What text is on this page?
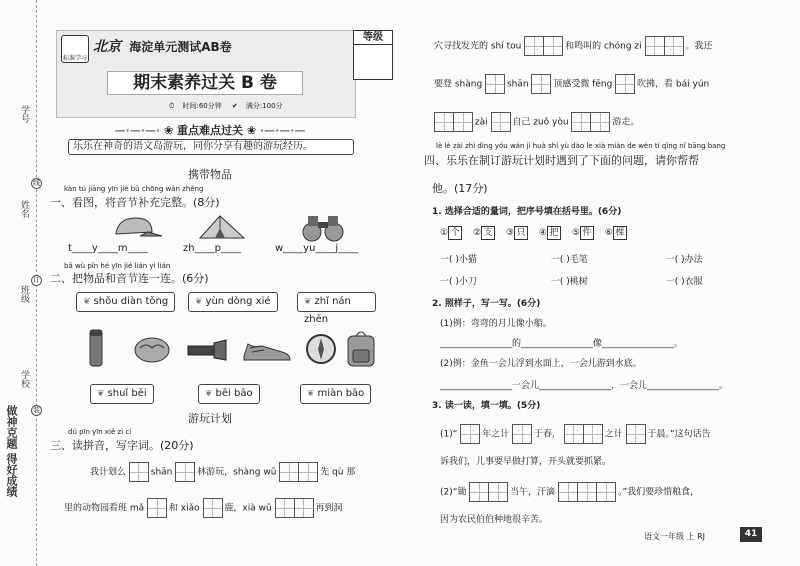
学号
姓名
班级
学校
线
订
装
做神克题 得好成绩
标准学习
北京 海淀单元测试AB卷
期末素养过关 B 卷
⏱ 时间:60分钟 ✔ 满分:100分
等级
—·—·—· ❀ 重点难点过关 ❀ ·—·—·—
乐乐在神奇的语文岛游玩，同你分享有趣的游玩经历。
携带物品
kàn tú jiāng yīn jié bǔ chōng wán zhěng
一、看图，将音节补充完整。(8分)
t____y____m____	zh____p____	w____yu____j____
bǎ wù pǐn hé yīn jié lián yi lián
二、把物品和音节连一连。(6分)
❦ shǒu diàn tǒng	❦ yùn dòng xié	❦ zhǐ nán zhēn
❦ shuǐ bēi	❦ bēi bāo	❦ miàn bāo
游玩计划
dú pīn yīn xiě zì cí
三、读拼音，写字词。(20分)
我计划么	shān	林游玩，shàng wǔ	先 qù 那
里的动物园看班 mǎ	和 xiǎo	鹿，xià wǔ	再到洞
穴寻找发光的 shí tou	和鸣叫的 chóng zi	。我还
要登 shàng	shān	顶感受微 fēng	吹拂，看 bái yún
zài	自己 zuǒ yòu	游走。
lè lè zài zhì dìng yóu wán jì huà shí yù dào le xià miàn de wèn tí qǐng nǐ bāng bang
四、乐乐在制订游玩计划时遇到了下面的问题，请你帮帮
他。(17分)
1. 选择合适的量词，把序号填在括号里。(6分)
① 个 ② 支 ③ 只 ④ 把 ⑤ 件 ⑥ 棵
一( )小猫	一( )毛笔	一( )办法
一( )小刀	一( )桃树	一( )衣服
2. 照样子，写一写。(6分)
(1)例：弯弯的月儿像小船。
________________的________________像________________。
(2)例：金鱼一会儿浮到水面上，一会儿游到水底。
________________一会儿________________，一会儿________________。
3. 读一读，填一填。(5分)
(1)“	年之计	于春，	之计	于晨。”这句话告
诉我们，儿事要早做打算，开头就要抓紧。
(2)“锄	当午，汗滴	。”我们要珍惜粮食，
因为农民伯伯种地很辛苦。
语文一年级 上 RJ	41
